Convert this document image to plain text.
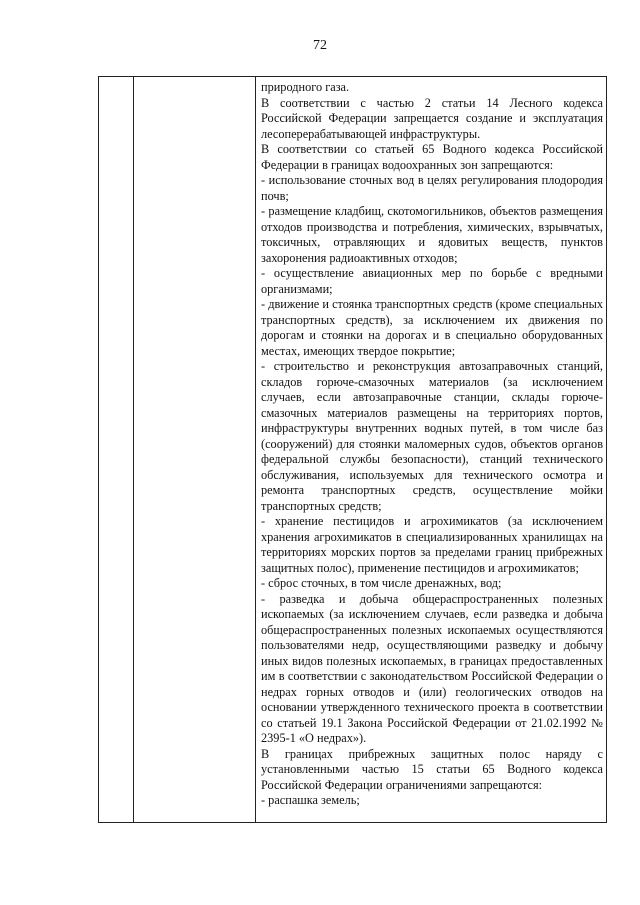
72

природного газа.

В соответствии с частью 2 статьи 14 Лесного кодекса Российской Федерации запрещается создание и эксплуатация лесоперерабатывающей инфраструктуры.

В соответствии со статьей 65 Водного кодекса Российской Федерации в границах водоохранных зон запрещаются:

- использование сточных вод в целях регулирования плодородия почв;

- размещение кладбищ, скотомогильников, объектов размещения отходов производства и потребления, химических, взрывчатых, токсичных, отравляющих и ядовитых веществ, пунктов захоронения радиоактивных отходов;

- осуществление авиационных мер по борьбе с вредными организмами;

- движение и стоянка транспортных средств (кроме специальных транспортных средств), за исключением их движения по дорогам и стоянки на дорогах и в специально оборудованных местах, имеющих твердое покрытие;

- строительство и реконструкция автозаправочных станций, складов горюче-смазочных материалов (за исключением случаев, если автозаправочные станции, склады горюче-смазочных материалов размещены на территориях портов, инфраструктуры внутренних водных путей, в том числе баз (сооружений) для стоянки маломерных судов, объектов органов федеральной службы безопасности), станций технического обслуживания, используемых для технического осмотра и ремонта транспортных средств, осуществление мойки транспортных средств;

- хранение пестицидов и агрохимикатов (за исключением хранения агрохимикатов в специализированных хранилищах на территориях морских портов за пределами границ прибрежных защитных полос), применение пестицидов и агрохимикатов;

- сброс сточных, в том числе дренажных, вод;

- разведка и добыча общераспространенных полезных ископаемых (за исключением случаев, если разведка и добыча общераспространенных полезных ископаемых осуществляются пользователями недр, осуществляющими разведку и добычу иных видов полезных ископаемых, в границах предоставленных им в соответствии с законодательством Российской Федерации о недрах горных отводов и (или) геологических отводов на основании утвержденного технического проекта в соответствии со статьей 19.1 Закона Российской Федерации от 21.02.1992 № 2395-1 «О недрах»).

В границах прибрежных защитных полос наряду с установленными частью 15 статьи 65 Водного кодекса Российской Федерации ограничениями запрещаются:

- распашка земель;
